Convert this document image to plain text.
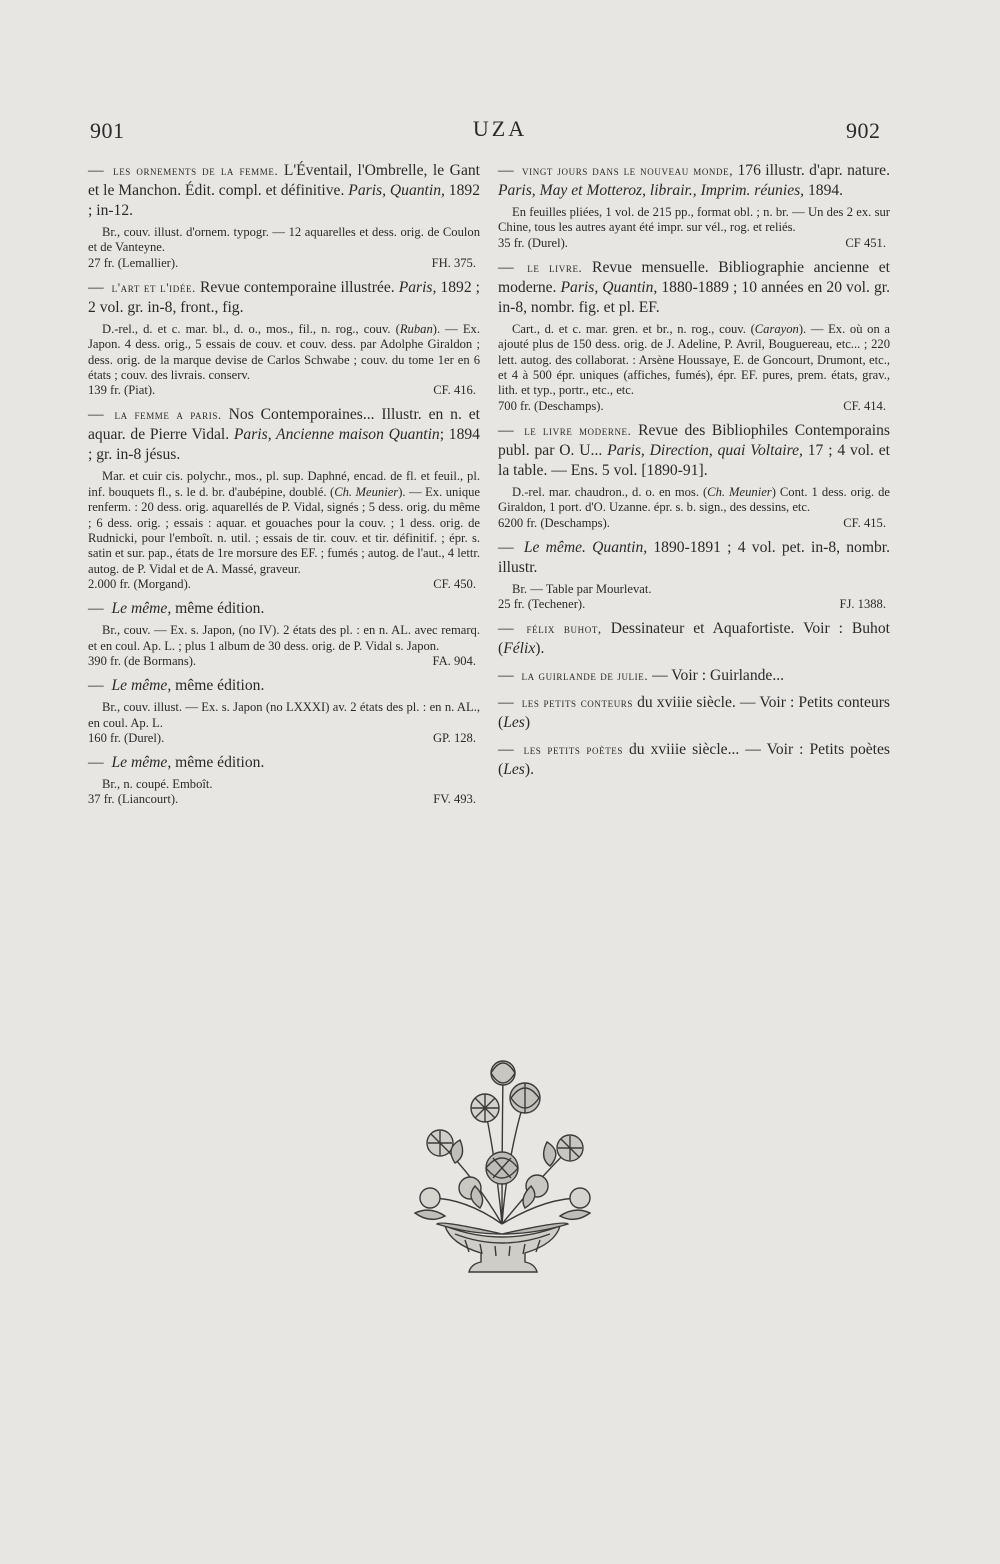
901	UZA	902

— les ornements de la femme. L'Éventail, l'Ombrelle, le Gant et le Manchon. Édit. compl. et définitive. Paris, Quantin, 1892 ; in-12.

Br., couv. illust. d'ornem. typogr. — 12 aquarelles et dess. orig. de Coulon et de Vanteyne.

27 fr. (Lemallier).	FH. 375.

— l'art et l'idée. Revue contemporaine illustrée. Paris, 1892 ; 2 vol. gr. in-8, front., fig.

D.-rel., d. et c. mar. bl., d. o., mos., fil., n. rog., couv. (Ruban). — Ex. Japon. 4 dess. orig., 5 essais de couv. et couv. dess. par Adolphe Giraldon ; dess. orig. de la marque devise de Carlos Schwabe ; couv. du tome 1er en 6 états ; couv. des livrais. conserv.

139 fr. (Piat).	CF. 416.

— la femme a paris. Nos Contemporaines... Illustr. en n. et aquar. de Pierre Vidal. Paris, Ancienne maison Quantin; 1894 ; gr. in-8 jésus.

Mar. et cuir cis. polychr., mos., pl. sup. Daphné, encad. de fl. et feuil., pl. inf. bouquets fl., s. le d. br. d'aubépine, doublé. (Ch. Meunier). — Ex. unique renferm. : 20 dess. orig. aquarellés de P. Vidal, signés ; 5 dess. orig. du même ; 6 dess. orig. ; essais : aquar. et gouaches pour la couv. ; 1 dess. orig. de Rudnicki, pour l'emboît. n. util. ; essais de tir. couv. et tir. définitif. ; épr. s. satin et sur. pap., états de 1re morsure des EF. ; fumés ; autog. de l'aut., 4 lettr. autog. de P. Vidal et de A. Massé, graveur.

2.000 fr. (Morgand).	CF. 450.

— Le même, même édition.

Br., couv. — Ex. s. Japon, (no IV). 2 états des pl. : en n. AL. avec remarq. et en coul. Ap. L. ; plus 1 album de 30 dess. orig. de P. Vidal s. Japon.

390 fr. (de Bormans).	FA. 904.

— Le même, même édition.

Br., couv. illust. — Ex. s. Japon (no LXXXI) av. 2 états des pl. : en n. AL., en coul. Ap. L.

160 fr. (Durel).	GP. 128.

— Le même, même édition.

Br., n. coupé. Emboît.

37 fr. (Liancourt).	FV. 493.

— vingt jours dans le nouveau monde, 176 illustr. d'apr. nature. Paris, May et Motteroz, librair., Imprim. réunies, 1894.

En feuilles pliées, 1 vol. de 215 pp., format obl. ; n. br. — Un des 2 ex. sur Chine, tous les autres ayant été impr. sur vél., rog. et reliés.

35 fr. (Durel).	CF 451.

— le livre. Revue mensuelle. Bibliographie ancienne et moderne. Paris, Quantin, 1880-1889 ; 10 années en 20 vol. gr. in-8, nombr. fig. et pl. EF.

Cart., d. et c. mar. gren. et br., n. rog., couv. (Carayon). — Ex. où on a ajouté plus de 150 dess. orig. de J. Adeline, P. Avril, Bouguereau, etc... ; 220 lett. autog. des collaborat. : Arsène Houssaye, E. de Goncourt, Drumont, etc., et 4 à 500 épr. uniques (affiches, fumés), épr. EF. pures, prem. états, grav., lith. et typ., portr., etc., etc.

700 fr. (Deschamps).	CF. 414.

— le livre moderne. Revue des Bibliophiles Contemporains publ. par O. U... Paris, Direction, quai Voltaire, 17 ; 4 vol. et la table. — Ens. 5 vol. [1890-91].

D.-rel. mar. chaudron., d. o. en mos. (Ch. Meunier) Cont. 1 dess. orig. de Giraldon, 1 port. d'O. Uzanne. épr. s. b. sign., des dessins, etc.

6200 fr. (Deschamps).	CF. 415.

— Le même. Quantin, 1890-1891 ; 4 vol. pet. in-8, nombr. illustr.

Br. — Table par Mourlevat.

25 fr. (Techener).	FJ. 1388.

— félix buhot, Dessinateur et Aquafortiste. Voir : Buhot (Félix).

— la guirlande de julie. — Voir : Guirlande...

— les petits conteurs du xviiie siècle. — Voir : Petits conteurs (Les)

— les petits poètes du xviiie siècle... — Voir : Petits poètes (Les).
